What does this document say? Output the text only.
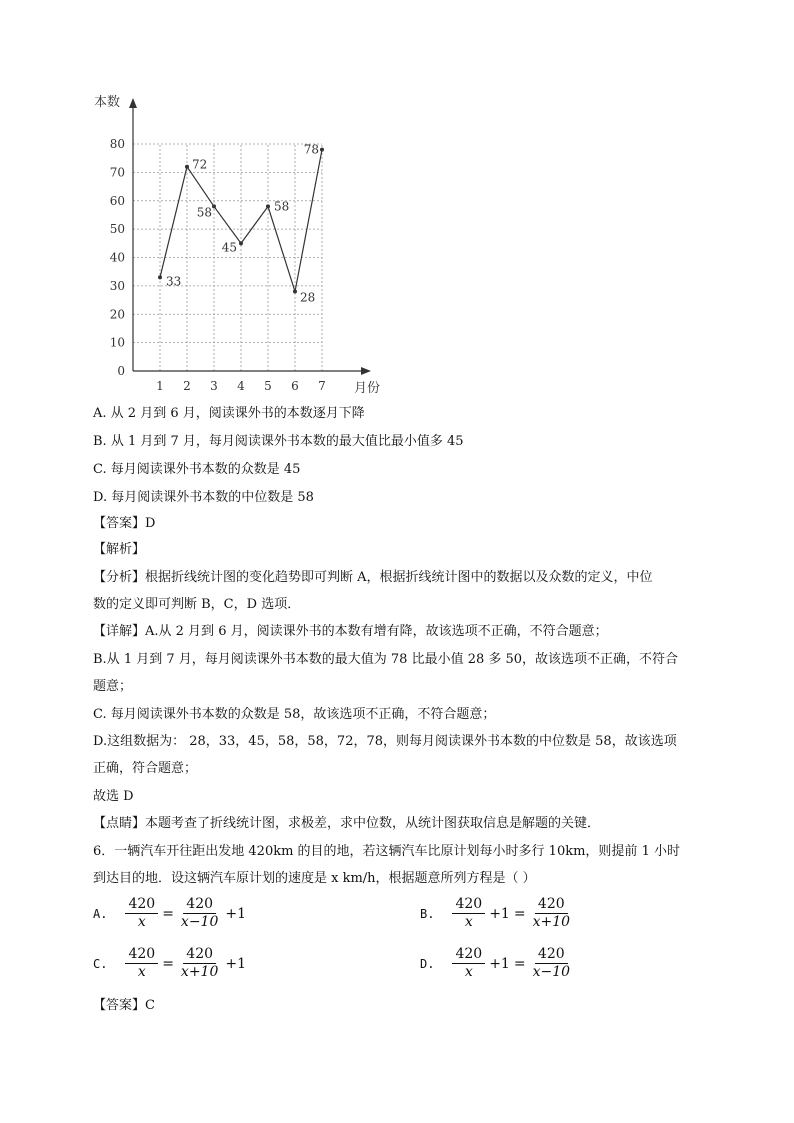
本数
月份
0
10
20
30
40
50
60
70
80
1 2 3 4 5 6 7
33
72
58
45
58
28
78
A. 从 2 月到 6 月，阅读课外书的本数逐月下降
B. 从 1 月到 7 月，每月阅读课外书本数的最大值比最小值多 45
C. 每月阅读课外书本数的众数是 45
D. 每月阅读课外书本数的中位数是 58
【答案】D
【解析】
【分析】根据折线统计图的变化趋势即可判断 A，根据折线统计图中的数据以及众数的定义，中位
数的定义即可判断 B，C，D 选项．
【详解】A.从 2 月到 6 月，阅读课外书的本数有增有降，故该选项不正确，不符合题意；
B.从 1 月到 7 月，每月阅读课外书本数的最大值为 78 比最小值 28 多 50，故该选项不正确，不符合
题意；
C. 每月阅读课外书本数的众数是 58，故该选项不正确，不符合题意；
D.这组数据为： 28，33，45，58，58，72，78，则每月阅读课外书本数的中位数是 58，故该选项
正确，符合题意；
故选 D
【点睛】本题考查了折线统计图，求极差，求中位数，从统计图获取信息是解题的关键．
6．一辆汽车开往距出发地 420km 的目的地，若这辆汽车比原计划每小时多行 10km，则提前 1 小时
到达目的地．设这辆汽车原计划的速度是 x km/h，根据题意所列方程是（ ）
A. $\frac{420}{x} = \frac{420}{x-10} +1$	B. $\frac{420}{x} +1 = \frac{420}{x+10}$
C. $\frac{420}{x} = \frac{420}{x+10} +1$	D. $\frac{420}{x} +1 = \frac{420}{x-10}$
【答案】C
